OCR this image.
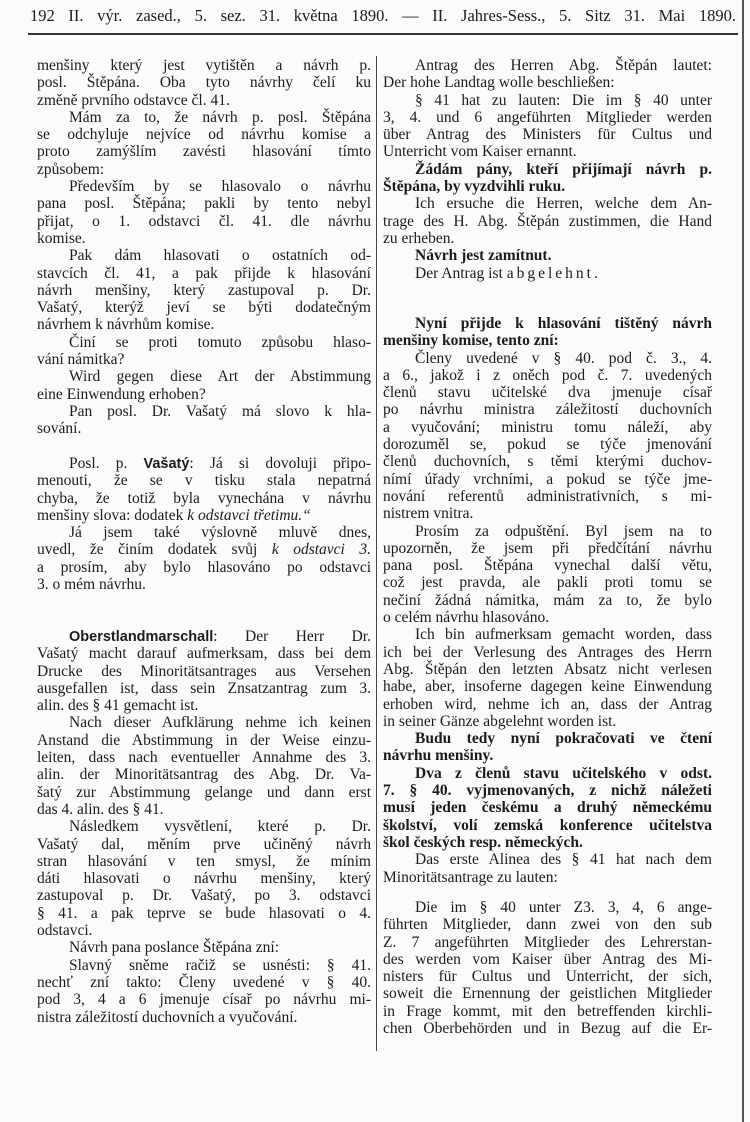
192 II. výr. zased., 5. sez. 31. května 1890. — II. Jahres-Sess., 5. Sitz 31. Mai 1890.
menšiny který jest vytištěn a návrh p.
posl. Štěpána. Oba tyto návrhy čelí ku
změně prvního odstavce čl. 41.
Mám za to, že návrh p. posl. Štěpána
se odchyluje nejvíce od návrhu komise a
proto zamýšlím zavésti hlasování tímto
způsobem:
Především by se hlasovalo o návrhu
pana posl. Štěpána; pakli by tento nebyl
přijat, o 1. odstavci čl. 41. dle návrhu
komise.
Pak dám hlasovati o ostatních od-
stavcích čl. 41, a pak přijde k hlasování
návrh menšiny, který zastupoval p. Dr.
Vašatý, kterýž jeví se býti dodatečným
návrhem k návrhům komise.
Činí se proti tomuto způsobu hlaso-
vání námitka?
Wird gegen diese Art der Abstimmung
eine Einwendung erhoben?
Pan posl. Dr. Vašatý má slovo k hla-
sování.
Posl. p. Vašatý: Já si dovoluji připo-
menouti, že se v tisku stala nepatrná
chyba, že totiž byla vynechána v návrhu
menšiny slova: dodatek k odstavci třetimu.“
Já jsem také výslovně mluvě dnes,
uvedl, že činím dodatek svůj k odstavci 3.
a prosím, aby bylo hlasováno po odstavci
3. o mém návrhu.
Oberstlandmarschall: Der Herr Dr.
Vašatý macht darauf aufmerksam, dass bei dem
Drucke des Minoritätsantrages aus Versehen
ausgefallen ist, dass sein Znsatzantrag zum 3.
alin. des § 41 gemacht ist.
Nach dieser Aufklärung nehme ich keinen
Anstand die Abstimmung in der Weise einzu-
leiten, dass nach eventueller Annahme des 3.
alin. der Minoritätsantrag des Abg. Dr. Va-
šatý zur Abstimmung gelange und dann erst
das 4. alin. des § 41.
Následkem vysvětlení, které p. Dr.
Vašatý dal, měním prve učiněný návrh
stran hlasování v ten smysl, že mínim
dáti hlasovati o návrhu menšiny, který
zastupoval p. Dr. Vašatý, po 3. odstavci
§ 41. a pak teprve se bude hlasovati o 4.
odstavci.
Návrh pana poslance Štěpána zní:
Slavný sněme račiž se usnésti: § 41.
nechť zní takto: Členy uvedené v § 40.
pod 3, 4 a 6 jmenuje císař po návrhu mi-
nistra záležitostí duchovních a vyučování.
Antrag des Herren Abg. Štěpán lautet:
Der hohe Landtag wolle beschließen:
§ 41 hat zu lauten: Die im § 40 unter
3, 4. und 6 angeführten Mitglieder werden
über Antrag des Ministers für Cultus und
Unterricht vom Kaiser ernannt.
Žádám pány, kteří přijímají návrh p.
Štěpána, by vyzdvihli ruku.
Ich ersuche die Herren, welche dem An-
trage des H. Abg. Štěpán zustimmen, die Hand
zu erheben.
Návrh jest zamítnut.
Der Antrag ist abgelehnt.
Nyní přijde k hlasování tištěný návrh
menšiny komise, tento zní:
Členy uvedené v § 40. pod č. 3., 4.
a 6., jakož i z oněch pod č. 7. uvedených
členů stavu učitelské dva jmenuje císař
po návrhu ministra záležitostí duchovních
a vyučování; ministru tomu náleží, aby
dorozuměl se, pokud se týče jmenování
členů duchovních, s těmi kterými duchov-
nímí úřady vrchními, a pokud se týče jme-
nování referentů administrativních, s mi-
nistrem vnitra.
Prosím za odpuštění. Byl jsem na to
upozorněn, že jsem při předčítání návrhu
pana posl. Štěpána vynechal další větu,
což jest pravda, ale pakli proti tomu se
nečiní žádná námitka, mám za to, že bylo
o celém návrhu hlasováno.
Ich bin aufmerksam gemacht worden, dass
ich bei der Verlesung des Antrages des Herrn
Abg. Štěpán den letzten Absatz nicht verlesen
habe, aber, insoferne dagegen keine Einwendung
erhoben wird, nehme ich an, dass der Antrag
in seiner Gänze abgelehnt worden ist.
Budu tedy nyní pokračovati ve čtení
návrhu menšiny.
Dva z členů stavu učitelského v odst.
7. § 40. vyjmenovaných, z nichž náležeti
musí jeden českému a druhý německému
školství, volí zemská konference učitelstva
škol českých resp. německých.
Das erste Alinea des § 41 hat nach dem
Minoritätsantrage zu lauten:
Die im § 40 unter Z3. 3, 4, 6 ange-
führten Mitglieder, dann zwei von den sub
Z. 7 angeführten Mitglieder des Lehrerstan-
des werden vom Kaiser über Antrag des Mi-
nisters für Cultus und Unterricht, der sich,
soweit die Ernennung der geistlichen Mitglieder
in Frage kommt, mit den betreffenden kirchli-
chen Oberbehörden und in Bezug auf die Er-
